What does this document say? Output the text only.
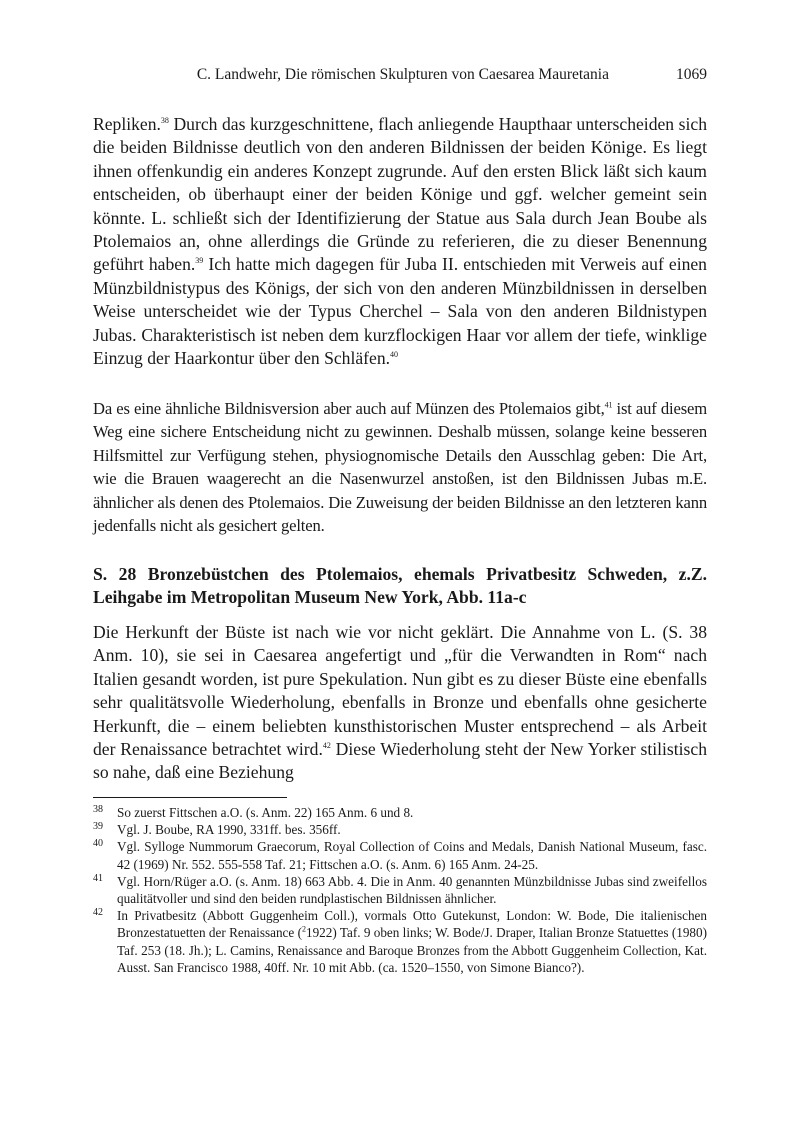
C. Landwehr, Die römischen Skulpturen von Caesarea Mauretania	1069

Repliken.$^{38}$ Durch das kurzgeschnittene, flach anliegende Haupthaar unterscheiden sich die beiden Bildnisse deutlich von den anderen Bildnissen der beiden Könige. Es liegt ihnen offenkundig ein anderes Konzept zugrunde. Auf den ersten Blick läßt sich kaum entscheiden, ob überhaupt einer der beiden Könige und ggf. welcher gemeint sein könnte. L. schließt sich der Identifizierung der Statue aus Sala durch Jean Boube als Ptolemaios an, ohne allerdings die Gründe zu referieren, die zu dieser Benennung geführt haben.$^{39}$ Ich hatte mich dagegen für Juba II. entschieden mit Verweis auf einen Münzbildnistypus des Königs, der sich von den anderen Münzbildnissen in derselben Weise unterscheidet wie der Typus Cherchel – Sala von den anderen Bildnistypen Jubas. Charakteristisch ist neben dem kurzflockigen Haar vor allem der tiefe, winklige Einzug der Haarkontur über den Schläfen.$^{40}$

Da es eine ähnliche Bildnisversion aber auch auf Münzen des Ptolemaios gibt,$^{41}$ ist auf diesem Weg eine sichere Entscheidung nicht zu gewinnen. Deshalb müssen, solange keine besseren Hilfsmittel zur Verfügung stehen, physiognomische Details den Ausschlag geben: Die Art, wie die Brauen waagerecht an die Nasenwurzel anstoßen, ist den Bildnissen Jubas m.E. ähnlicher als denen des Ptolemaios. Die Zuweisung der beiden Bildnisse an den letzteren kann jedenfalls nicht als gesichert gelten.

S. 28 Bronzebüstchen des Ptolemaios, ehemals Privatbesitz Schweden, z.Z. Leihgabe im Metropolitan Museum New York, Abb. 11a-c

Die Herkunft der Büste ist nach wie vor nicht geklärt. Die Annahme von L. (S. 38 Anm. 10), sie sei in Caesarea angefertigt und „für die Verwandten in Rom“ nach Italien gesandt worden, ist pure Spekulation. Nun gibt es zu dieser Büste eine ebenfalls sehr qualitätsvolle Wiederholung, ebenfalls in Bronze und ebenfalls ohne gesicherte Herkunft, die – einem beliebten kunsthistorischen Muster entsprechend – als Arbeit der Renaissance betrachtet wird.$^{42}$ Diese Wiederholung steht der New Yorker stilistisch so nahe, daß eine Beziehung

38 So zuerst Fittschen a.O. (s. Anm. 22) 165 Anm. 6 und 8.

39 Vgl. J. Boube, RA 1990, 331ff. bes. 356ff.

40 Vgl. Sylloge Nummorum Graecorum, Royal Collection of Coins and Medals, Danish National Museum, fasc. 42 (1969) Nr. 552. 555-558 Taf. 21; Fittschen a.O. (s. Anm. 6) 165 Anm. 24-25.

41 Vgl. Horn/Rüger a.O. (s. Anm. 18) 663 Abb. 4. Die in Anm. 40 genannten Münzbildnisse Jubas sind zweifellos qualitätvoller und sind den beiden rundplastischen Bildnissen ähnlicher.

42 In Privatbesitz (Abbott Guggenheim Coll.), vormals Otto Gutekunst, London: W. Bode, Die italienischen Bronzestatuetten der Renaissance ($^2$1922) Taf. 9 oben links; W. Bode/J. Draper, Italian Bronze Statuettes (1980) Taf. 253 (18. Jh.); L. Camins, Renaissance and Baroque Bronzes from the Abbott Guggenheim Collection, Kat. Ausst. San Francisco 1988, 40ff. Nr. 10 mit Abb. (ca. 1520–1550, von Simone Bianco?).
